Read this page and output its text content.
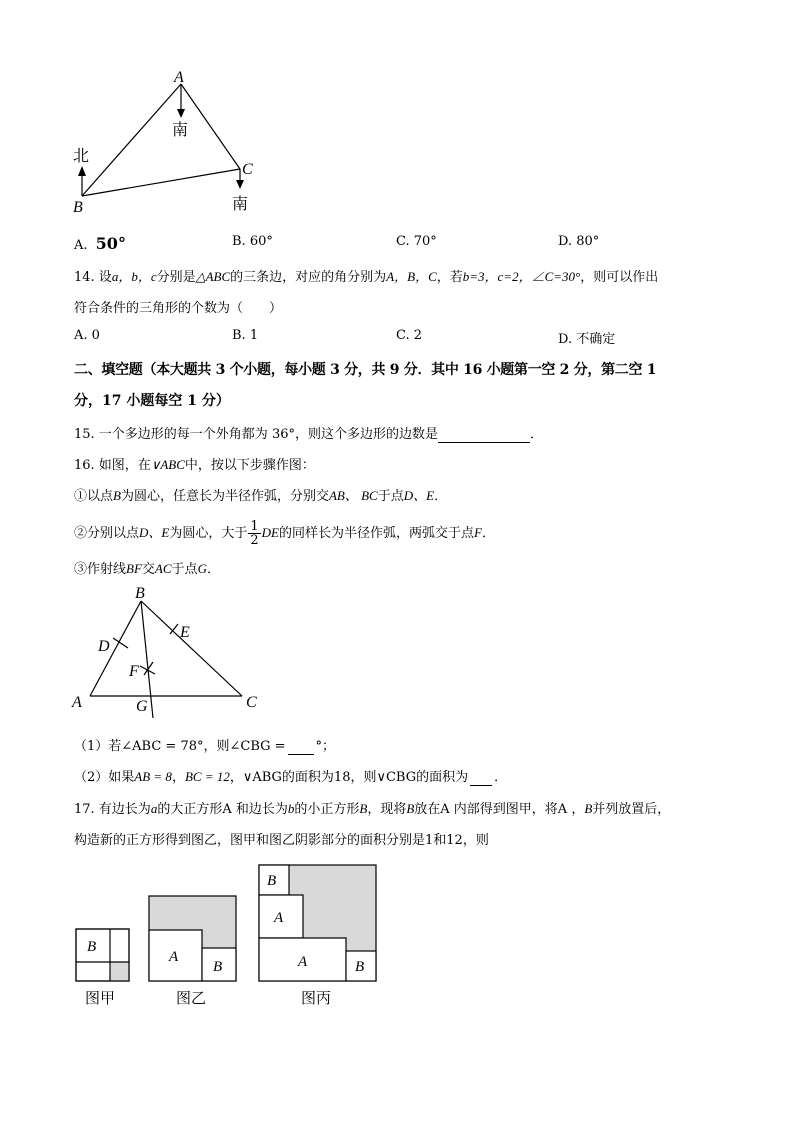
A
B
C
南
南
北
A. 50°	B. 60°	C. 70°	D. 80°
14. 设a，b，c分别是△ABC的三条边，对应的角分别为A，B，C，若b=3，c=2，∠C=30°，则可以作出
符合条件的三角形的个数为（　　）
A. 0	B. 1	C. 2	D. 不确定
二、填空题（本大题共 3 个小题，每小题 3 分，共 9 分．其中 16 小题第一空 2 分，第二空 1
分，17 小题每空 1 分）
15. 一个多边形的每一个外角都为 36°，则这个多边形的边数是	．
16. 如图，在∨ABC中，按以下步骤作图：
①以点B为圆心，任意长为半径作弧，分别交AB、 BC于点D、E．
②分别以点D、E为圆心，大于 $\frac{1}{2}$ DE的同样长为半径作弧，两弧交于点F．
③作射线BF交AC于点G．
B
A	C
D
E
F
G
（1）若∠ABC = 78°，则∠CBG = °；
（2）如果AB = 8，BC = 12，∨ABG的面积为18，则∨CBG的面积为 ．
17. 有边长为a的大正方形A 和边长为b的小正方形B，现将B放在A 内部得到图甲，将A ，B并列放置后，
构造新的正方形得到图乙，图甲和图乙阴影部分的面积分别是1和12，则
B
A
B
B
A
A	B
图甲	图乙	图丙
